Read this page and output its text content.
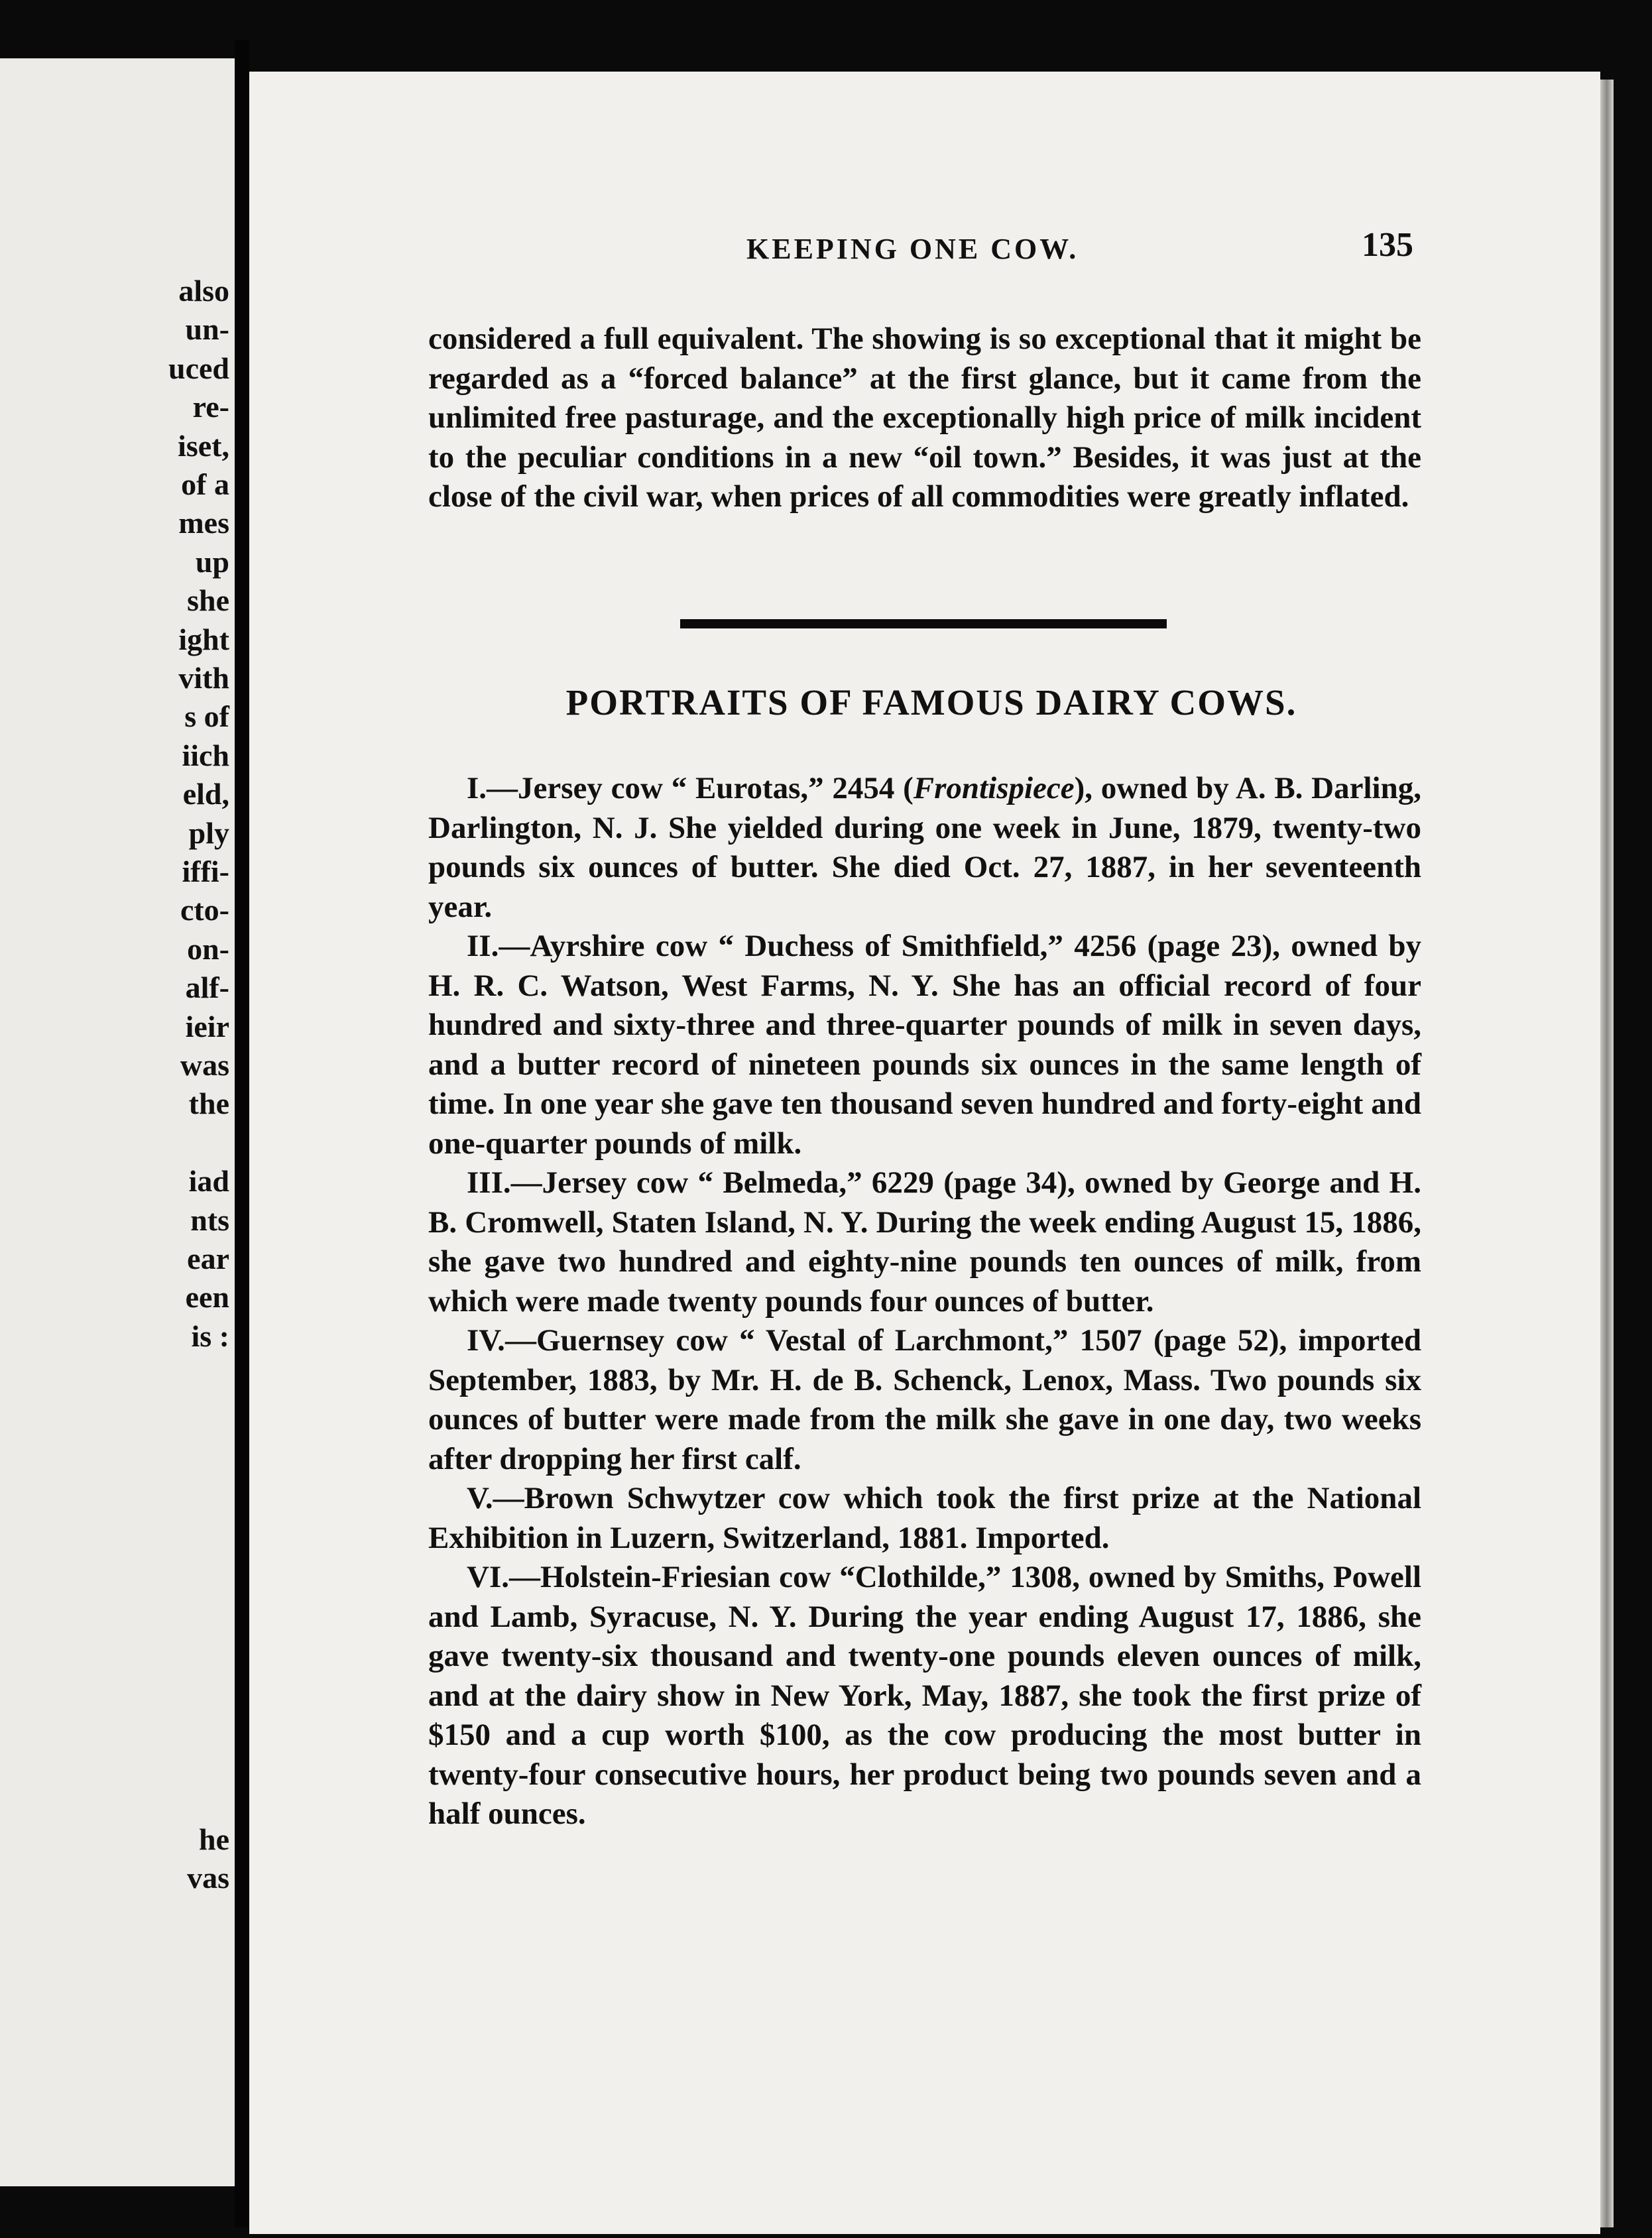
also
un-
uced
re-
iset,
of a
mes
up
she
ight
vith
s of
iich
eld,
ply
iffi-
cto-
on-
alf-
ieir
was
the
iad
nts
ear
een
is :
he
vas
KEEPING ONE COW.	135

considered a full equivalent. The showing is so exceptional that it might be regarded as a “forced balance” at the first glance, but it came from the unlimited free pasturage, and the exceptionally high price of milk incident to the peculiar conditions in a new “oil town.” Besides, it was just at the close of the civil war, when prices of all commodities were greatly inflated.

PORTRAITS OF FAMOUS DAIRY COWS.

I.—Jersey cow “ Eurotas,” 2454 (Frontispiece), owned by A. B. Darling, Darlington, N. J. She yielded during one week in June, 1879, twenty-two pounds six ounces of butter. She died Oct. 27, 1887, in her seventeenth year.

II.—Ayrshire cow “ Duchess of Smithfield,” 4256 (page 23), owned by H. R. C. Watson, West Farms, N. Y. She has an official record of four hundred and sixty-three and three-quarter pounds of milk in seven days, and a butter record of nineteen pounds six ounces in the same length of time. In one year she gave ten thousand seven hundred and forty-eight and one-quarter pounds of milk.

III.—Jersey cow “ Belmeda,” 6229 (page 34), owned by George and H. B. Cromwell, Staten Island, N. Y. During the week ending August 15, 1886, she gave two hundred and eighty-nine pounds ten ounces of milk, from which were made twenty pounds four ounces of butter.

IV.—Guernsey cow “ Vestal of Larchmont,” 1507 (page 52), imported September, 1883, by Mr. H. de B. Schenck, Lenox, Mass. Two pounds six ounces of butter were made from the milk she gave in one day, two weeks after dropping her first calf.

V.—Brown Schwytzer cow which took the first prize at the National Exhibition in Luzern, Switzerland, 1881. Imported.

VI.—Holstein-Friesian cow “Clothilde,” 1308, owned by Smiths, Powell and Lamb, Syracuse, N. Y. During the year ending August 17, 1886, she gave twenty-six thousand and twenty-one pounds eleven ounces of milk, and at the dairy show in New York, May, 1887, she took the first prize of $150 and a cup worth $100, as the cow producing the most butter in twenty-four consecutive hours, her product being two pounds seven and a half ounces.
